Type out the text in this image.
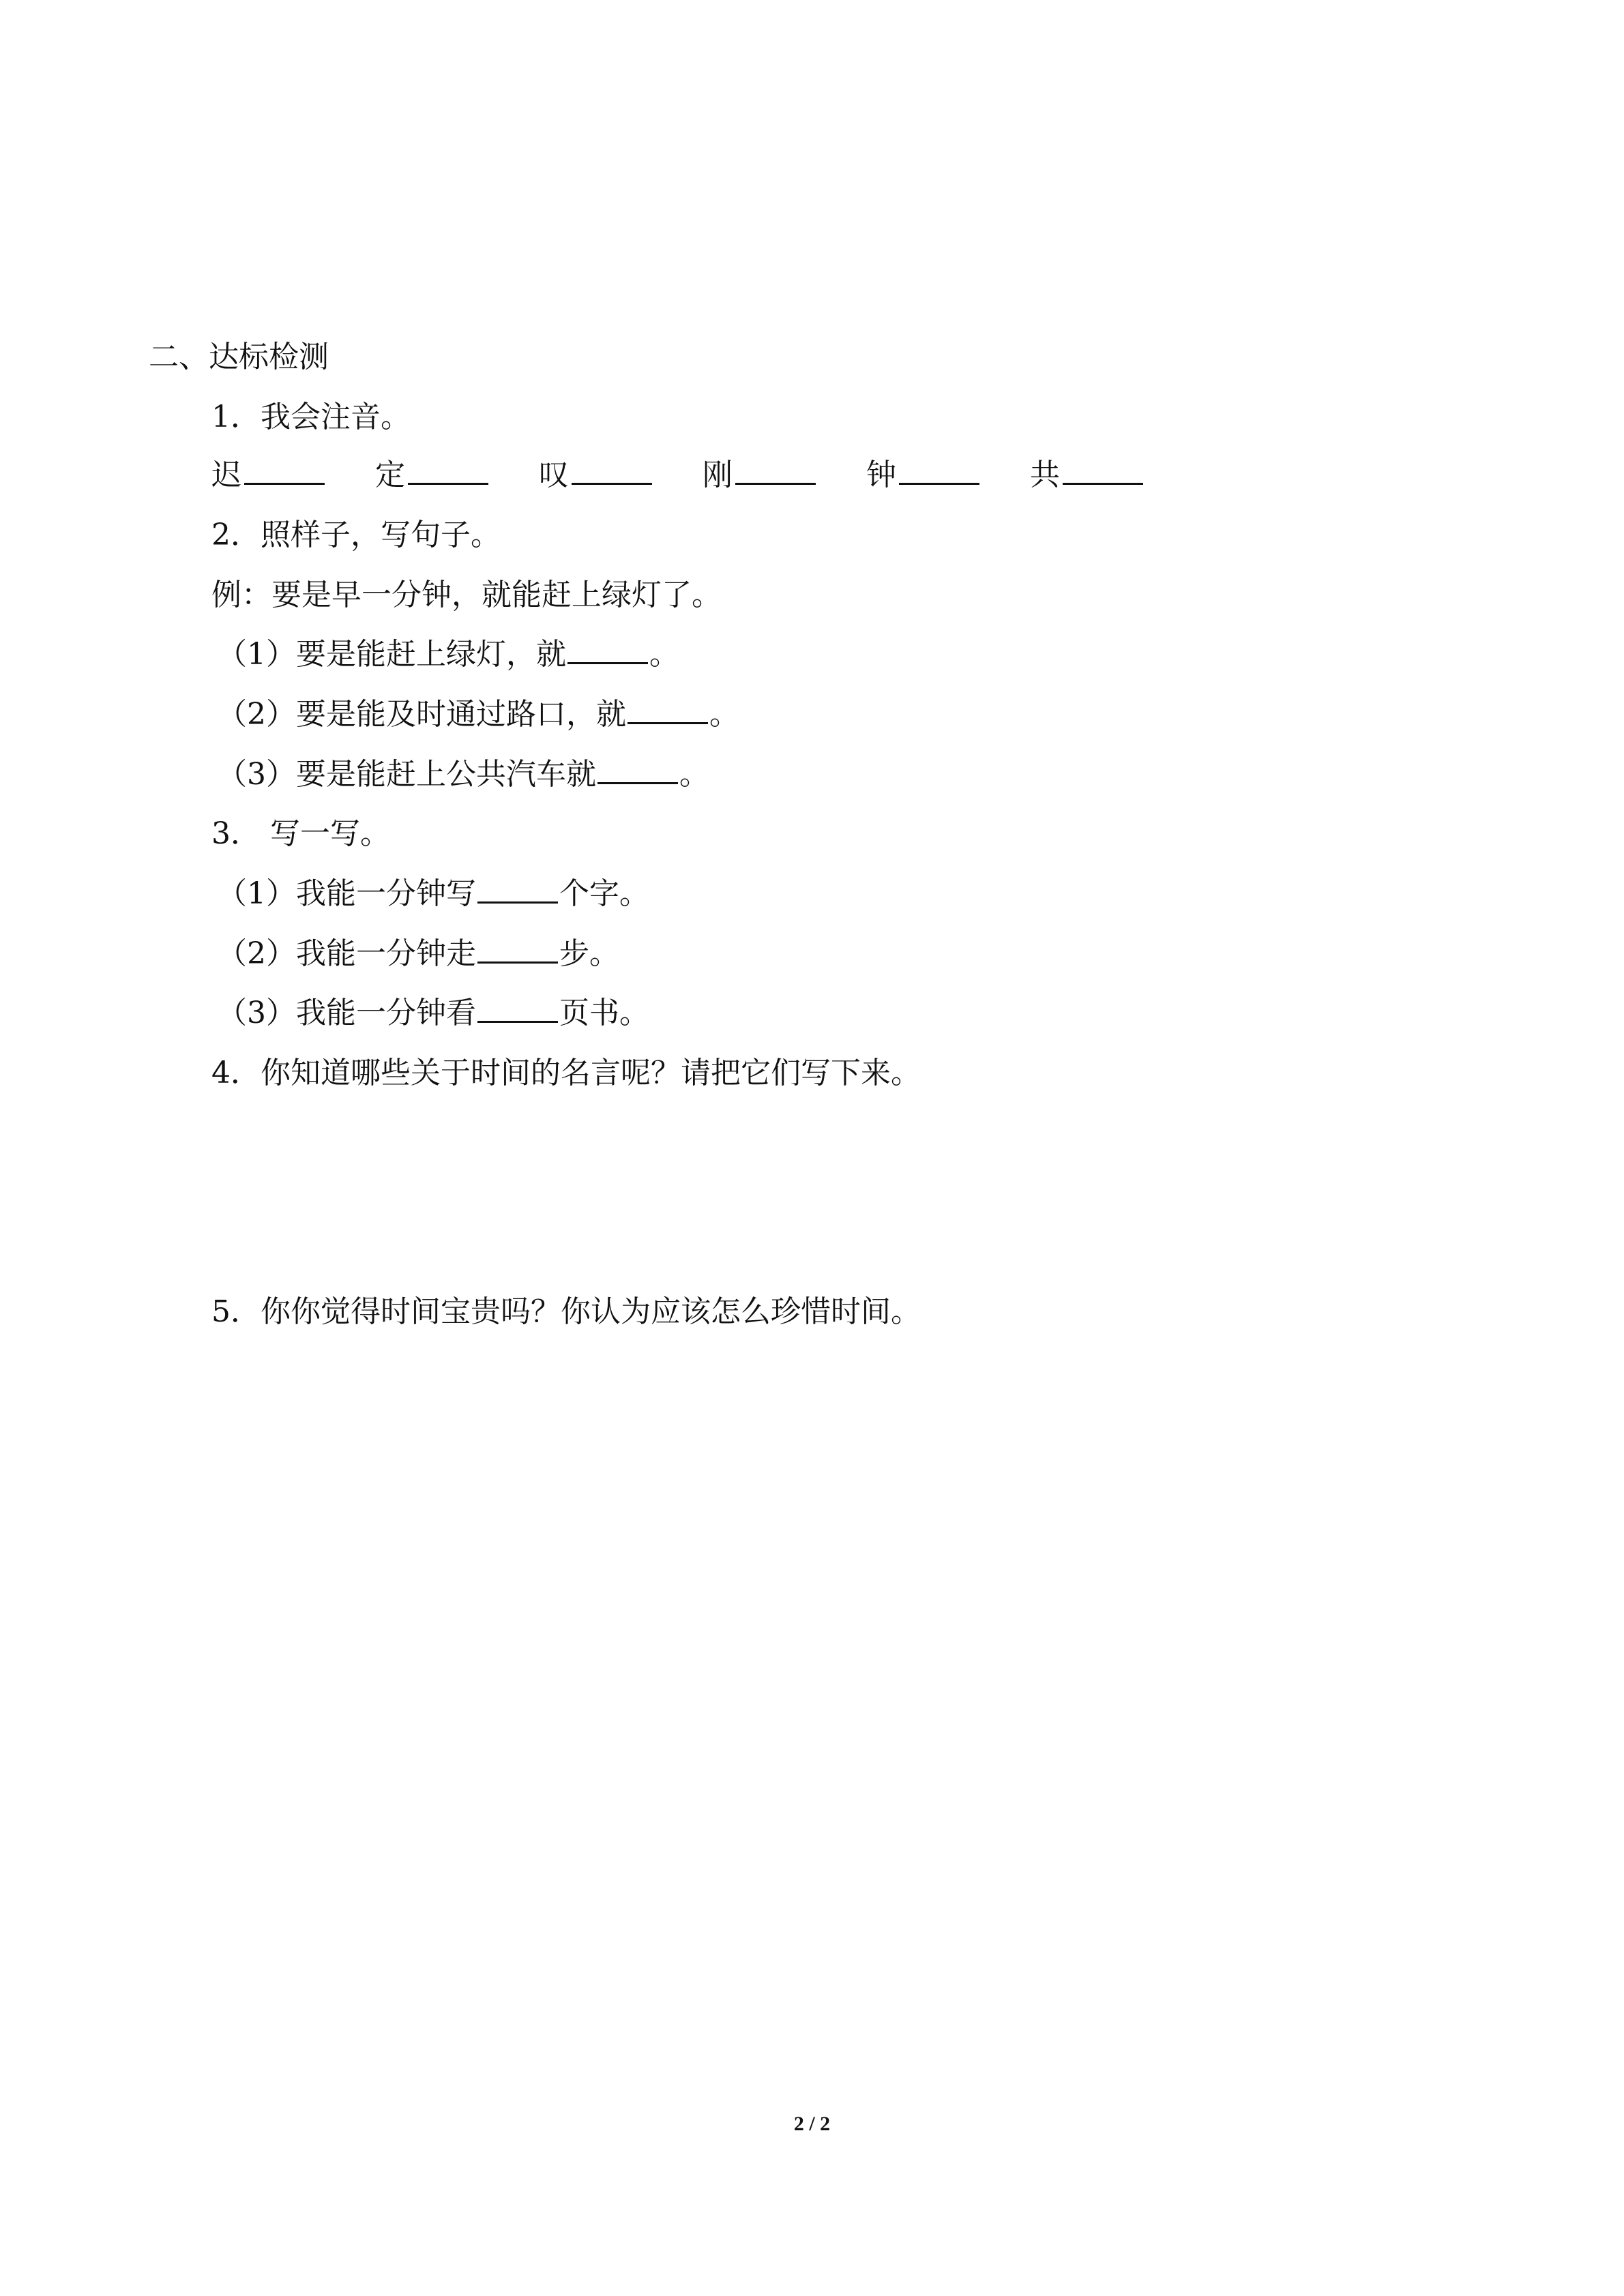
二、达标检测
1．我会注音。
迟	定	叹	刚	钟	共
2．照样子，写句子。
例：要是早一分钟，就能赶上绿灯了。
（1）要是能赶上绿灯，就	。
（2）要是能及时通过路口，就	。
（3）要是能赶上公共汽车就	。
3． 写一写。
（1）我能一分钟写	个字。
（2）我能一分钟走	步。
（3）我能一分钟看	页书。
4．你知道哪些关于时间的名言呢？请把它们写下来。
5．你你觉得时间宝贵吗？你认为应该怎么珍惜时间。
2 / 2
